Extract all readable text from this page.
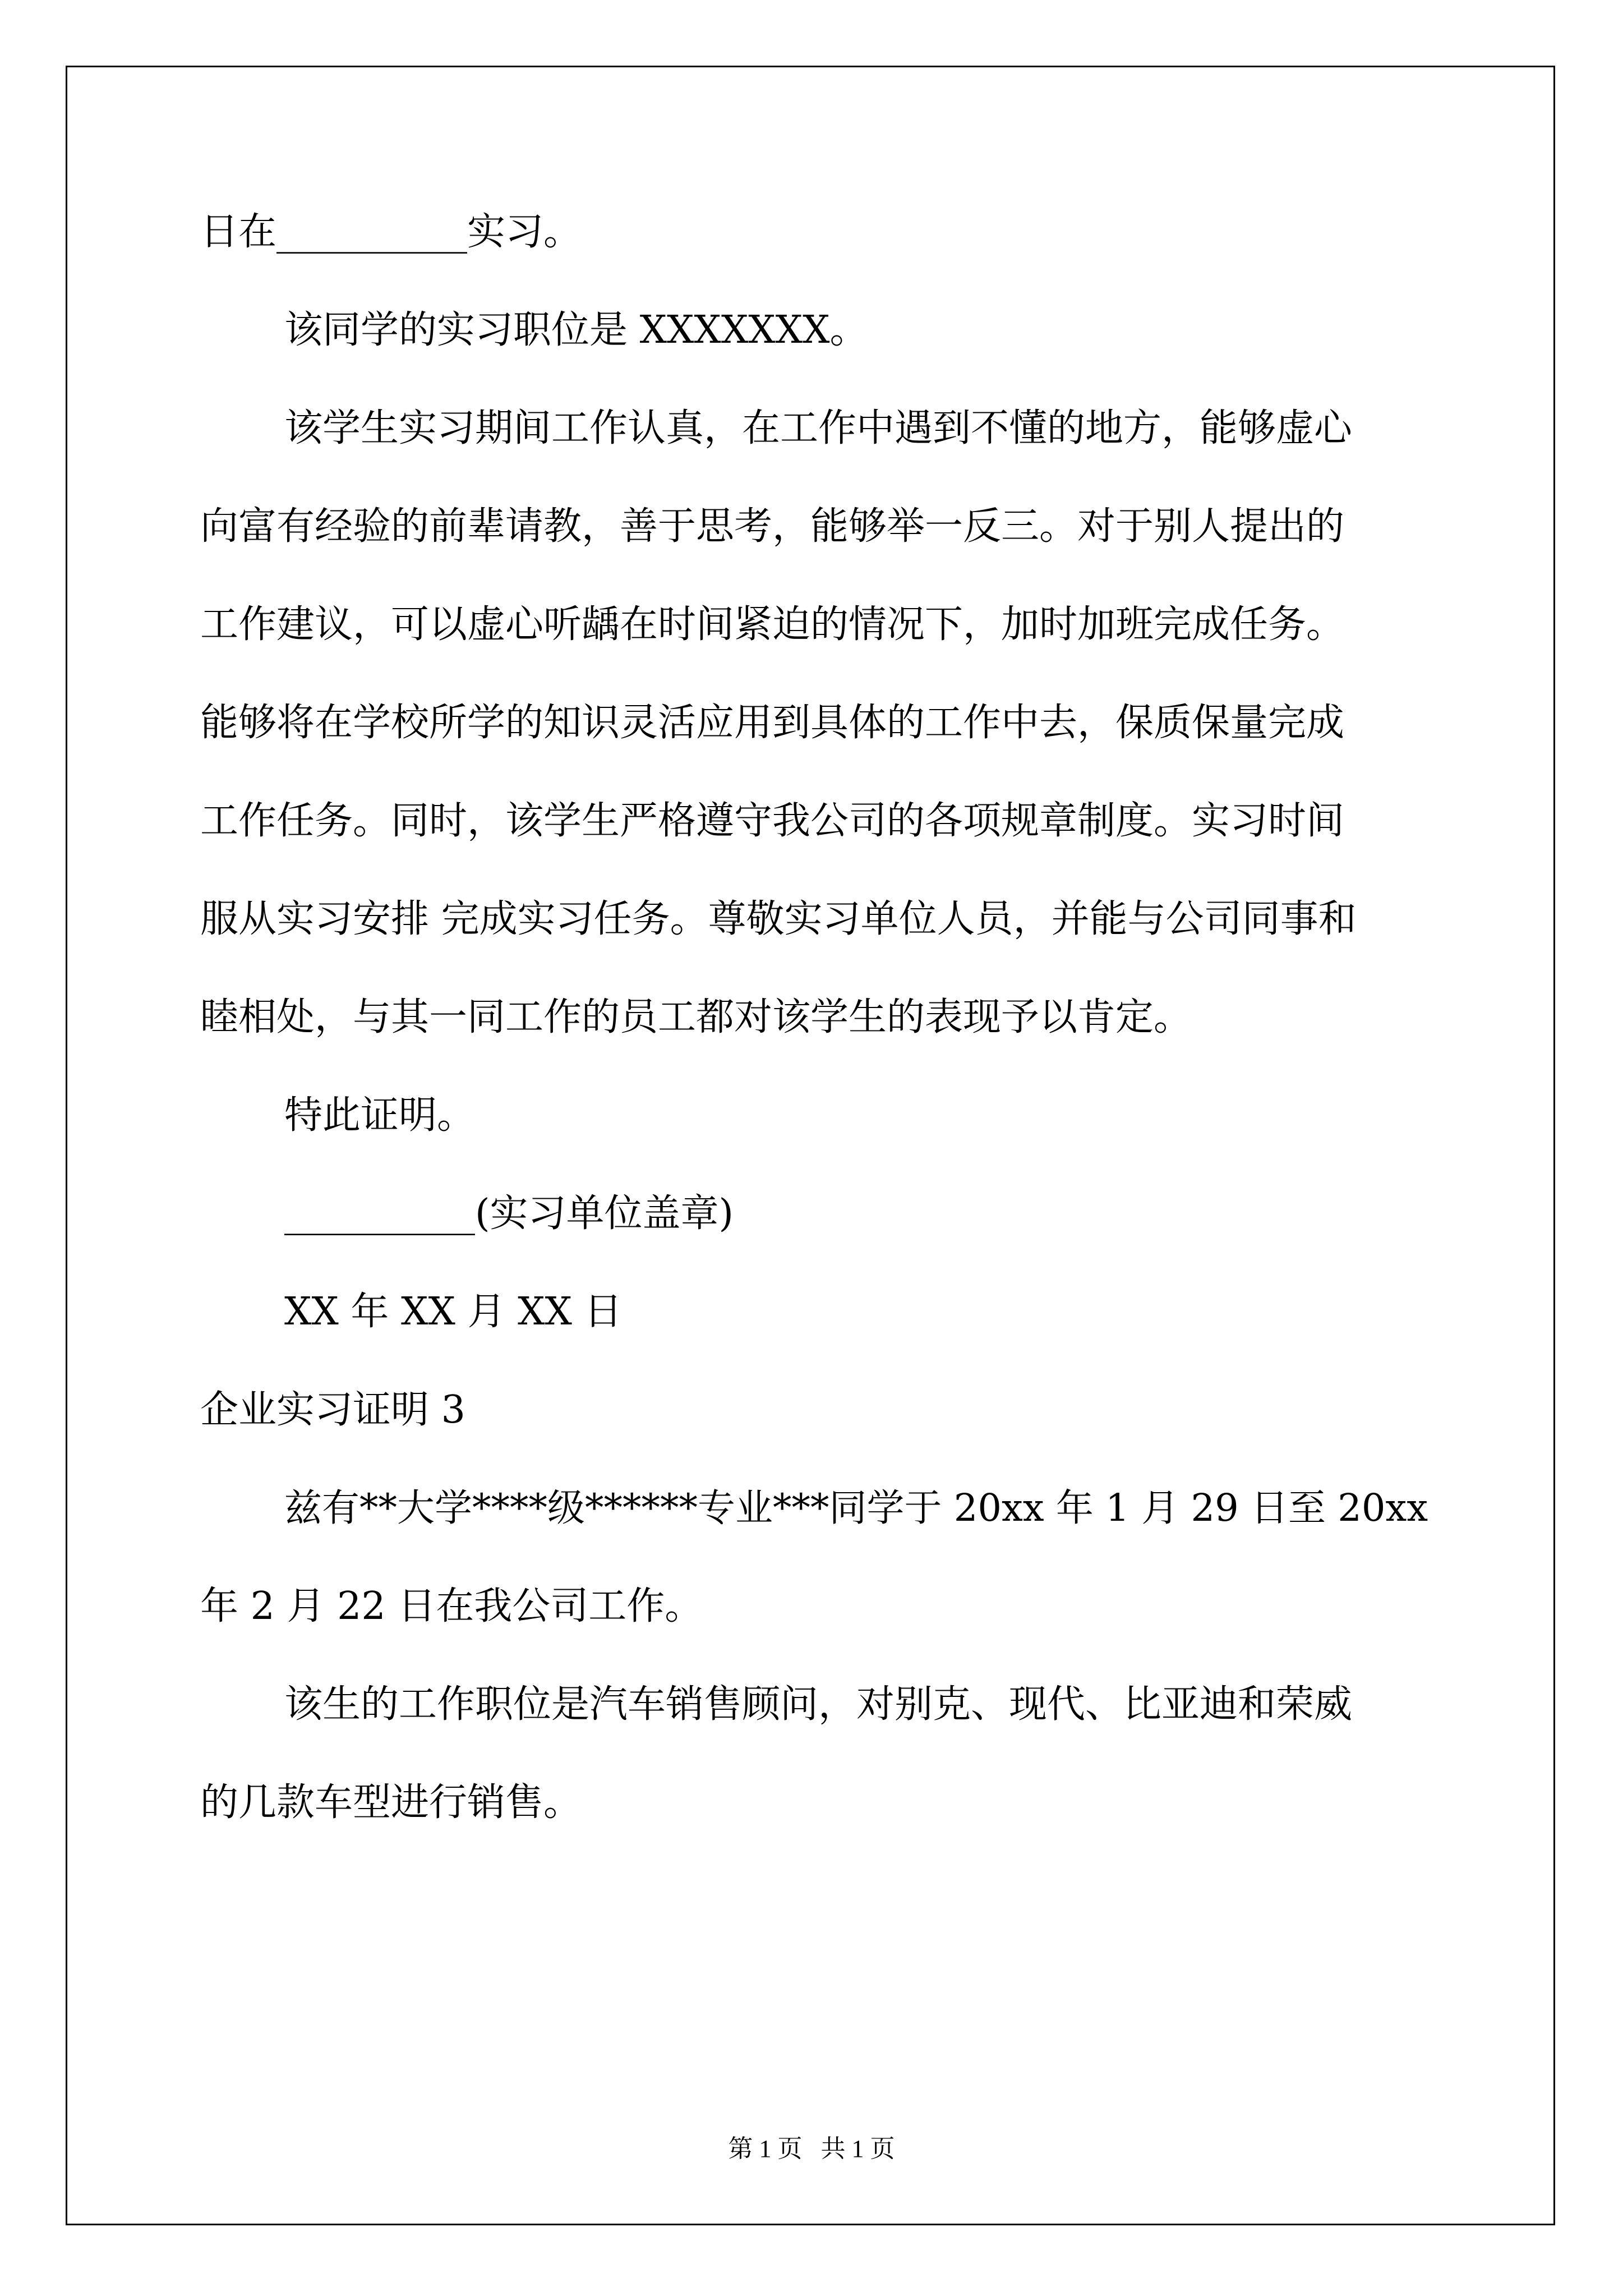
日在__________实习。
该同学的实习职位是 XXXXXXX。
该学生实习期间工作认真，在工作中遇到不懂的地方，能够虚心
向富有经验的前辈请教，善于思考，能够举一反三。对于别人提出的
工作建议，可以虚心听龋在时间紧迫的情况下，加时加班完成任务。
能够将在学校所学的知识灵活应用到具体的工作中去，保质保量完成
工作任务。同时，该学生严格遵守我公司的各项规章制度。实习时间
服从实习安排 完成实习任务。尊敬实习单位人员，并能与公司同事和
睦相处，与其一同工作的员工都对该学生的表现予以肯定。
特此证明。
__________(实习单位盖章)
XX 年 XX 月 XX 日
企业实习证明 3
兹有**大学****级******专业***同学于 20xx 年 1 月 29 日至 20xx
年 2 月 22 日在我公司工作。
该生的工作职位是汽车销售顾问，对别克、现代、比亚迪和荣威
的几款车型进行销售。
第 1 页   共 1 页
